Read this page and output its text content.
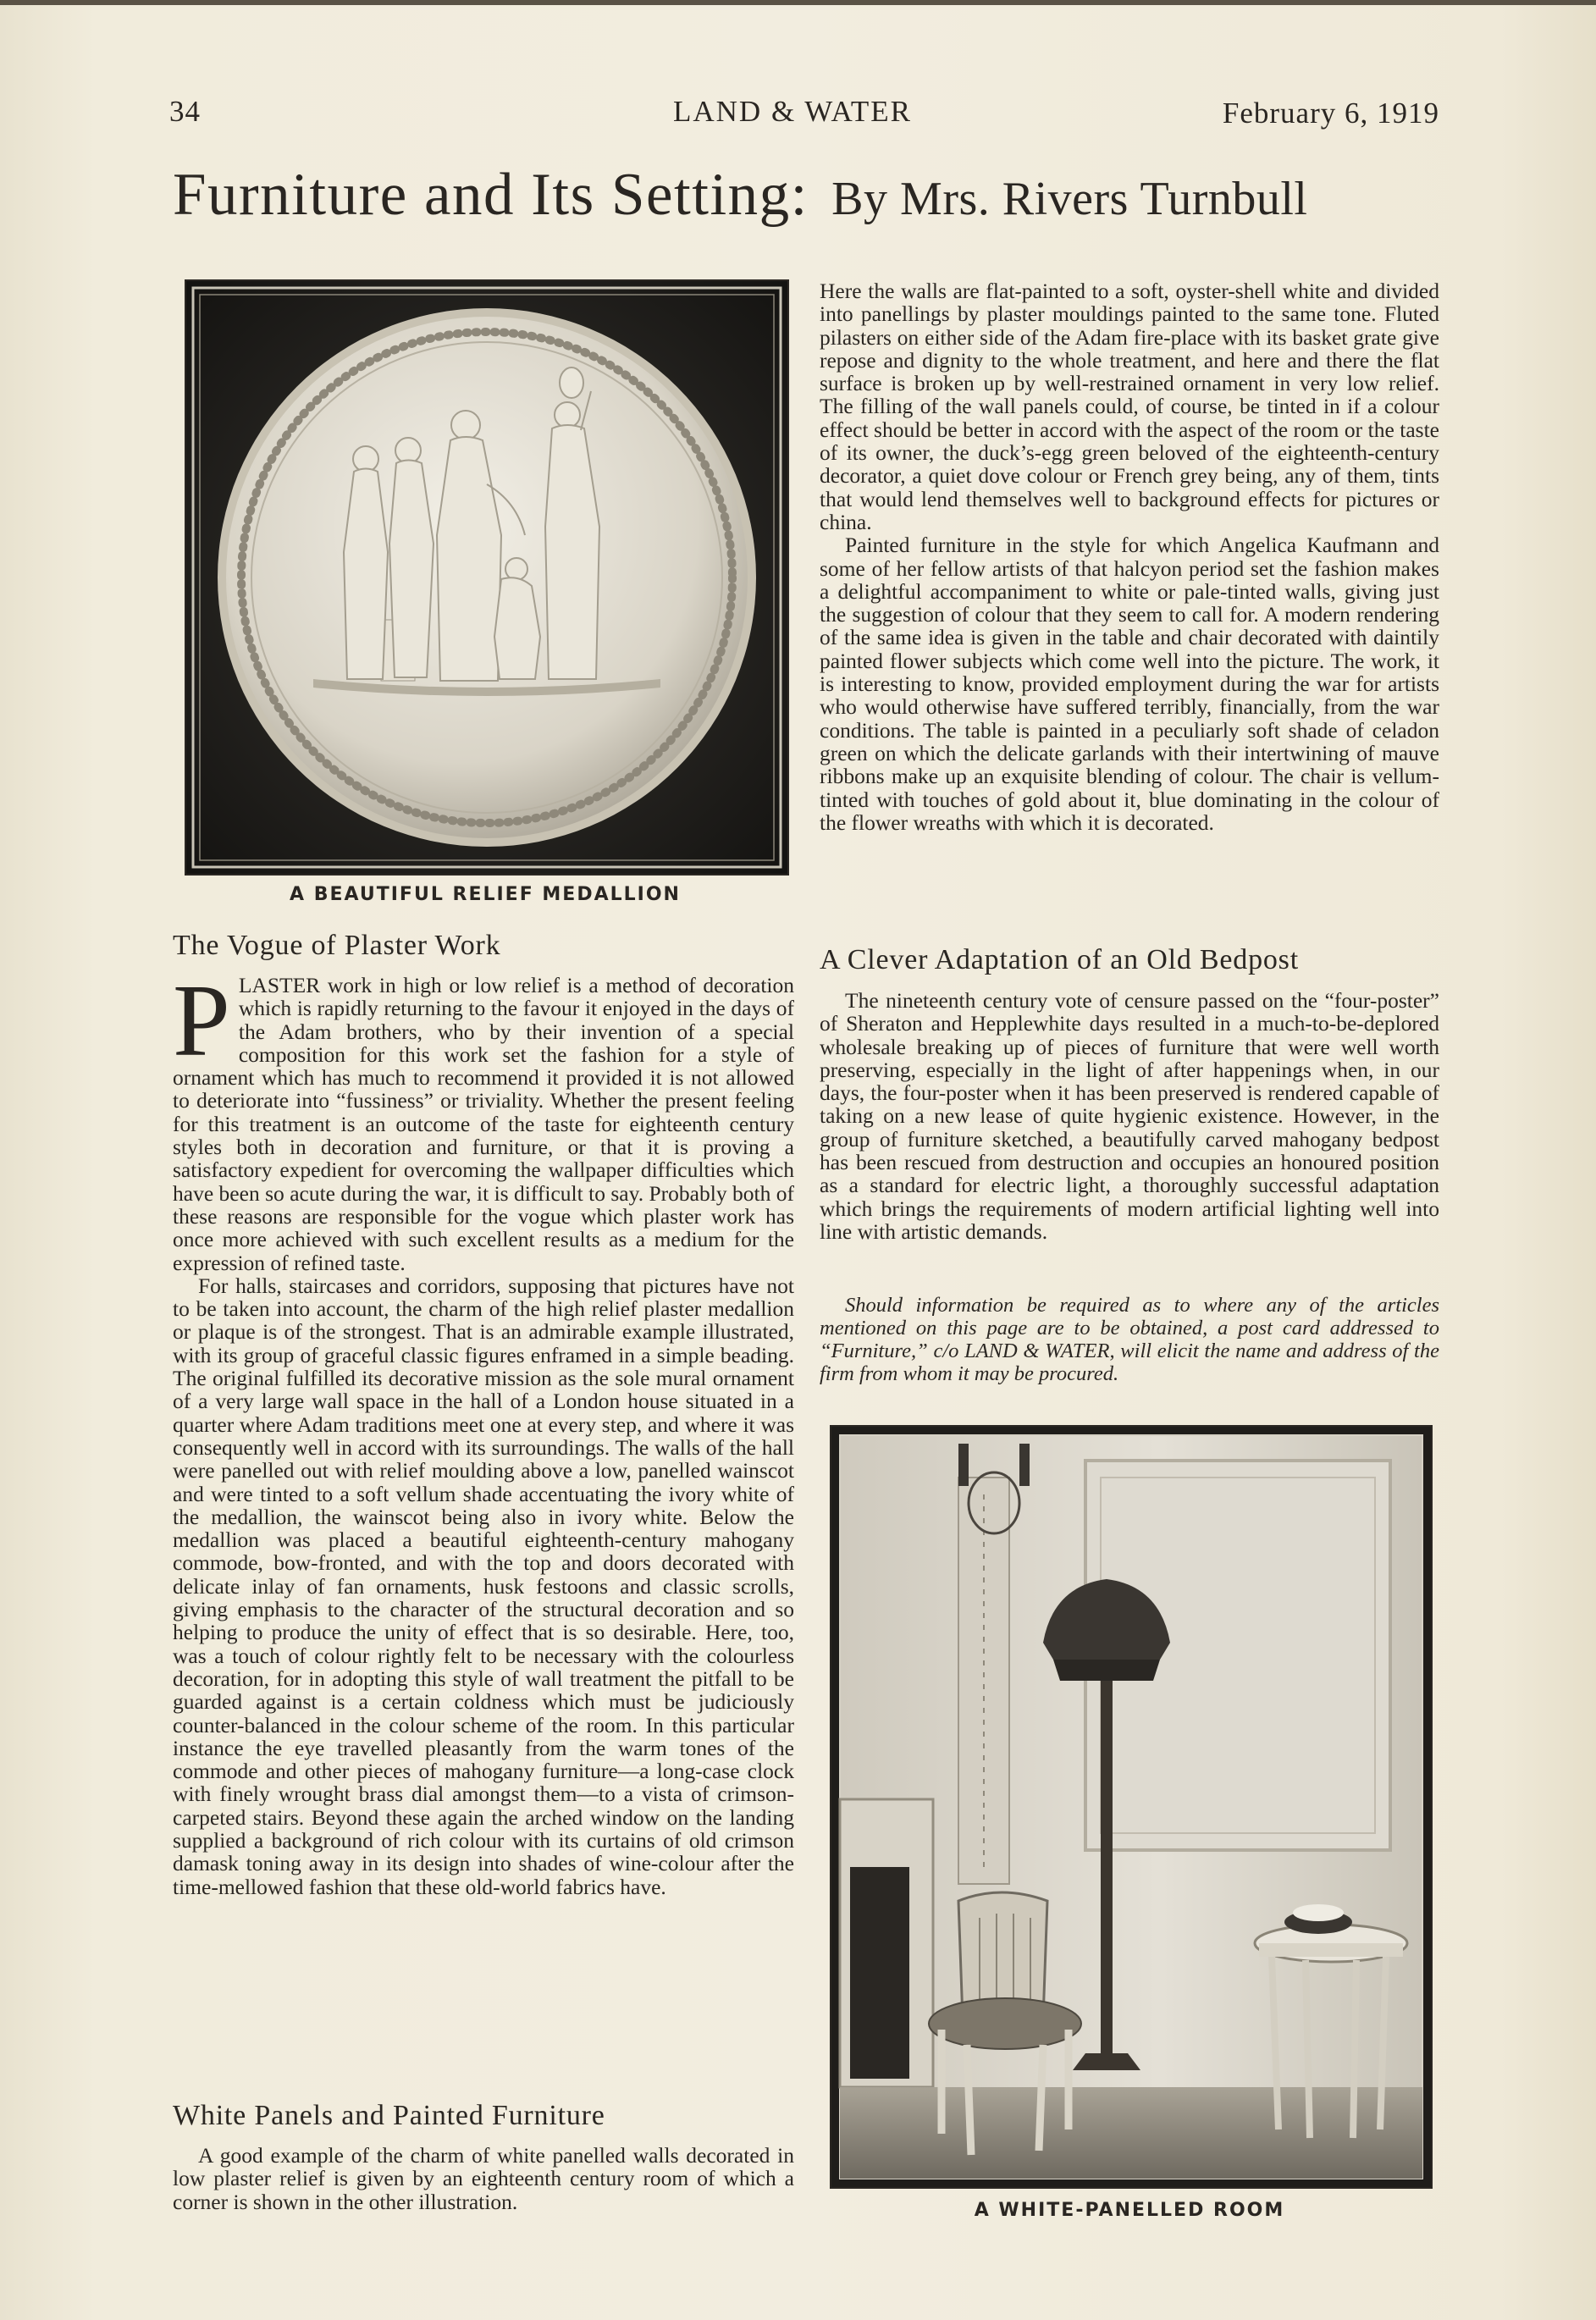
34	LAND & WATER	February 6, 1919
Furniture and Its Setting: By Mrs. Rivers Turnbull
A BEAUTIFUL RELIEF MEDALLION
The Vogue of Plaster Work

PLASTER work in high or low relief is a method of decoration which is rapidly returning to the favour it enjoyed in the days of the Adam brothers, who by their invention of a special composition for this work set the fashion for a style of ornament which has much to recommend it provided it is not allowed to deteriorate into “fussiness” or triviality. Whether the present feeling for this treatment is an outcome of the taste for eighteenth century styles both in decoration and furniture, or that it is proving a satisfactory expedient for overcoming the wallpaper difficulties which have been so acute during the war, it is difficult to say. Probably both of these reasons are responsible for the vogue which plaster work has once more achieved with such excellent results as a medium for the expression of refined taste.

For halls, staircases and corridors, supposing that pictures have not to be taken into account, the charm of the high relief plaster medallion or plaque is of the strongest. That is an admirable example illustrated, with its group of graceful classic figures enframed in a simple beading. The original fulfilled its decorative mission as the sole mural ornament of a very large wall space in the hall of a London house situated in a quarter where Adam traditions meet one at every step, and where it was consequently well in accord with its surroundings. The walls of the hall were panelled out with relief moulding above a low, panelled wainscot and were tinted to a soft vellum shade accentuating the ivory white of the medallion, the wainscot being also in ivory white. Below the medallion was placed a beautiful eighteenth-century mahogany commode, bow-fronted, and with the top and doors decorated with delicate inlay of fan ornaments, husk festoons and classic scrolls, giving emphasis to the character of the structural decoration and so helping to produce the unity of effect that is so desirable. Here, too, was a touch of colour rightly felt to be necessary with the colourless decoration, for in adopting this style of wall treatment the pitfall to be guarded against is a certain coldness which must be judiciously counter-balanced in the colour scheme of the room. In this particular instance the eye travelled pleasantly from the warm tones of the commode and other pieces of mahogany furniture—a long-case clock with finely wrought brass dial amongst them—to a vista of crimson-carpeted stairs. Beyond these again the arched window on the landing supplied a background of rich colour with its curtains of old crimson damask toning away in its design into shades of wine-colour after the time-mellowed fashion that these old-world fabrics have.

White Panels and Painted Furniture

A good example of the charm of white panelled walls decorated in low plaster relief is given by an eighteenth century room of which a corner is shown in the other illustration.

Here the walls are flat-painted to a soft, oyster-shell white and divided into panellings by plaster mouldings painted to the same tone. Fluted pilasters on either side of the Adam fire-place with its basket grate give repose and dignity to the whole treatment, and here and there the flat surface is broken up by well-restrained ornament in very low relief. The filling of the wall panels could, of course, be tinted in if a colour effect should be better in accord with the aspect of the room or the taste of its owner, the duck’s-egg green beloved of the eighteenth-century decorator, a quiet dove colour or French grey being, any of them, tints that would lend themselves well to background effects for pictures or china.

Painted furniture in the style for which Angelica Kaufmann and some of her fellow artists of that halcyon period set the fashion makes a delightful accompaniment to white or pale-tinted walls, giving just the suggestion of colour that they seem to call for. A modern rendering of the same idea is given in the table and chair decorated with daintily painted flower subjects which come well into the picture. The work, it is interesting to know, provided employment during the war for artists who would otherwise have suffered terribly, financially, from the war conditions. The table is painted in a peculiarly soft shade of celadon green on which the delicate garlands with their intertwining of mauve ribbons make up an exquisite blending of colour. The chair is vellum-tinted with touches of gold about it, blue dominating in the colour of the flower wreaths with which it is decorated.

A Clever Adaptation of an Old Bedpost

The nineteenth century vote of censure passed on the “four-poster” of Sheraton and Hepplewhite days resulted in a much-to-be-deplored wholesale breaking up of pieces of furniture that were well worth preserving, especially in the light of after happenings when, in our days, the four-poster when it has been preserved is rendered capable of taking on a new lease of quite hygienic existence. However, in the group of furniture sketched, a beautifully carved mahogany bedpost has been rescued from destruction and occupies an honoured position as a standard for electric light, a thoroughly successful adaptation which brings the requirements of modern artificial lighting well into line with artistic demands.

Should information be required as to where any of the articles mentioned on this page are to be obtained, a post card addressed to “Furniture,” c/o LAND & WATER, will elicit the name and address of the firm from whom it may be procured.

A WHITE-PANELLED ROOM
